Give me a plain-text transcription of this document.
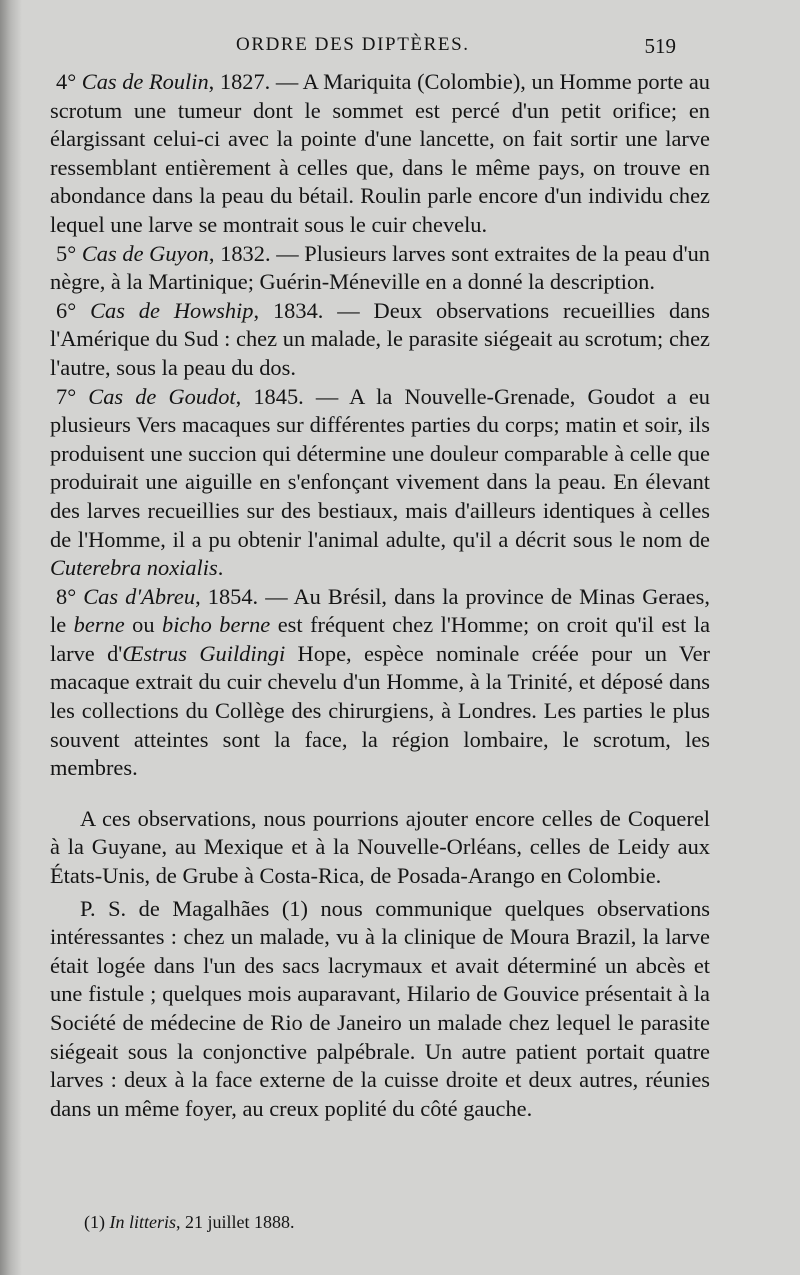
ORDRE DES DIPTÈRES.	519

4° Cas de Roulin, 1827. — A Mariquita (Colombie), un Homme porte au scrotum une tumeur dont le sommet est percé d'un petit orifice; en élargissant celui-ci avec la pointe d'une lancette, on fait sortir une larve ressemblant entièrement à celles que, dans le même pays, on trouve en abondance dans la peau du bétail. Roulin parle encore d'un individu chez lequel une larve se montrait sous le cuir chevelu.

5° Cas de Guyon, 1832. — Plusieurs larves sont extraites de la peau d'un nègre, à la Martinique; Guérin-Méneville en a donné la description.

6° Cas de Howship, 1834. — Deux observations recueillies dans l'Amérique du Sud : chez un malade, le parasite siégeait au scrotum; chez l'autre, sous la peau du dos.

7° Cas de Goudot, 1845. — A la Nouvelle-Grenade, Goudot a eu plusieurs Vers macaques sur différentes parties du corps; matin et soir, ils produisent une succion qui détermine une douleur comparable à celle que produirait une aiguille en s'enfonçant vivement dans la peau. En élevant des larves recueillies sur des bestiaux, mais d'ailleurs identiques à celles de l'Homme, il a pu obtenir l'animal adulte, qu'il a décrit sous le nom de Cuterebra noxialis.

8° Cas d'Abreu, 1854. — Au Brésil, dans la province de Minas Geraes, le berne ou bicho berne est fréquent chez l'Homme; on croit qu'il est la larve d'Œstrus Guildingi Hope, espèce nominale créée pour un Ver macaque extrait du cuir chevelu d'un Homme, à la Trinité, et déposé dans les collections du Collège des chirurgiens, à Londres. Les parties le plus souvent atteintes sont la face, la région lombaire, le scrotum, les membres.

A ces observations, nous pourrions ajouter encore celles de Coquerel à la Guyane, au Mexique et à la Nouvelle-Orléans, celles de Leidy aux États-Unis, de Grube à Costa-Rica, de Posada-Arango en Colombie.

P. S. de Magalhães (1) nous communique quelques observations intéressantes : chez un malade, vu à la clinique de Moura Brazil, la larve était logée dans l'un des sacs lacrymaux et avait déterminé un abcès et une fistule ; quelques mois auparavant, Hilario de Gouvice présentait à la Société de médecine de Rio de Janeiro un malade chez lequel le parasite siégeait sous la conjonctive palpébrale. Un autre patient portait quatre larves : deux à la face externe de la cuisse droite et deux autres, réunies dans un même foyer, au creux poplité du côté gauche.

(1) In litteris, 21 juillet 1888.
